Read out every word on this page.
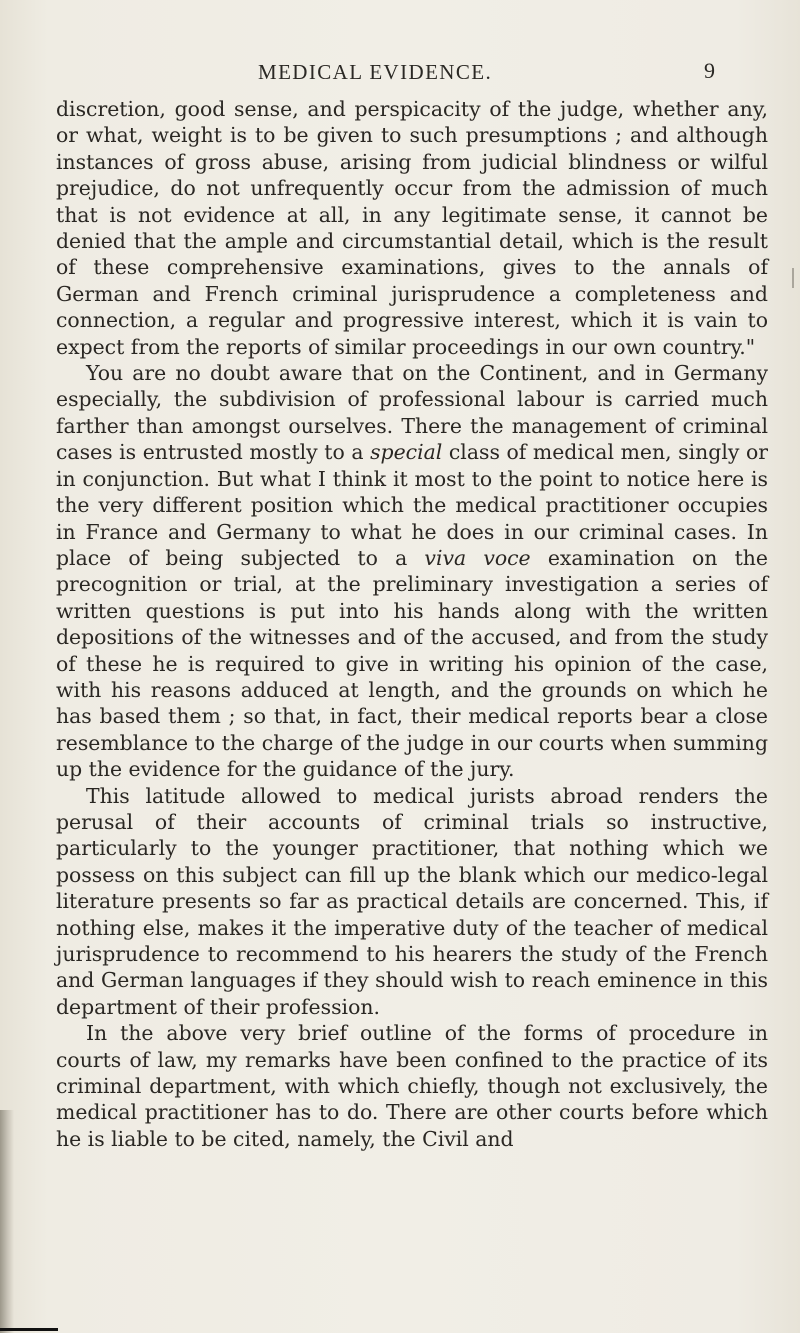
MEDICAL EVIDENCE.	9

discretion, good sense, and perspicacity of the judge, whether any, or what, weight is to be given to such presumptions ; and although instances of gross abuse, arising from judicial blindness or wilful prejudice, do not unfrequently occur from the admission of much that is not evidence at all, in any legitimate sense, it cannot be denied that the ample and circumstantial detail, which is the result of these comprehensive examinations, gives to the annals of German and French criminal jurisprudence a completeness and connection, a regular and progressive interest, which it is vain to expect from the reports of similar proceedings in our own country."

You are no doubt aware that on the Continent, and in Germany especially, the subdivision of professional labour is carried much farther than amongst ourselves. There the management of criminal cases is entrusted mostly to a special class of medical men, singly or in conjunction. But what I think it most to the point to notice here is the very different position which the medical practitioner occupies in France and Germany to what he does in our criminal cases. In place of being subjected to a viva voce examination on the precognition or trial, at the preliminary investigation a series of written questions is put into his hands along with the written depositions of the witnesses and of the accused, and from the study of these he is required to give in writing his opinion of the case, with his reasons adduced at length, and the grounds on which he has based them ; so that, in fact, their medical reports bear a close resemblance to the charge of the judge in our courts when summing up the evidence for the guidance of the jury.

This latitude allowed to medical jurists abroad renders the perusal of their accounts of criminal trials so instructive, particularly to the younger practitioner, that nothing which we possess on this subject can fill up the blank which our medico-legal literature presents so far as practical details are concerned. This, if nothing else, makes it the imperative duty of the teacher of medical jurisprudence to recommend to his hearers the study of the French and German languages if they should wish to reach eminence in this department of their profession.

In the above very brief outline of the forms of procedure in courts of law, my remarks have been confined to the practice of its criminal department, with which chiefly, though not exclusively, the medical practitioner has to do. There are other courts before which he is liable to be cited, namely, the Civil and
